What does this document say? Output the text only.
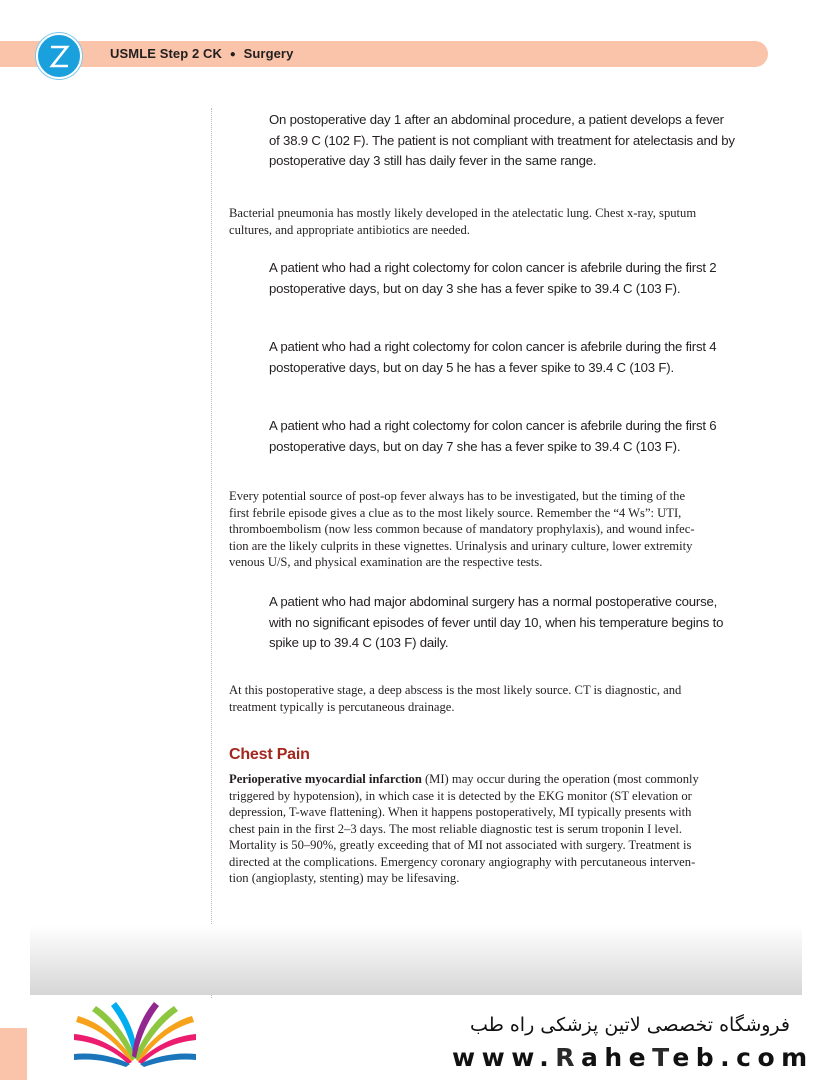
USMLE Step 2 CK ● Surgery
On postoperative day 1 after an abdominal procedure, a patient develops a fever
of 38.9 C (102 F). The patient is not compliant with treatment for atelectasis and by
postoperative day 3 still has daily fever in the same range.
Bacterial pneumonia has mostly likely developed in the atelectatic lung. Chest x-ray, sputum
cultures, and appropriate antibiotics are needed.
A patient who had a right colectomy for colon cancer is afebrile during the first 2
postoperative days, but on day 3 she has a fever spike to 39.4 C (103 F).
A patient who had a right colectomy for colon cancer is afebrile during the first 4
postoperative days, but on day 5 he has a fever spike to 39.4 C (103 F).
A patient who had a right colectomy for colon cancer is afebrile during the first 6
postoperative days, but on day 7 she has a fever spike to 39.4 C (103 F).
Every potential source of post-op fever always has to be investigated, but the timing of the
first febrile episode gives a clue as to the most likely source. Remember the “4 Ws”: UTI,
thromboembolism (now less common because of mandatory prophylaxis), and wound infec-
tion are the likely culprits in these vignettes. Urinalysis and urinary culture, lower extremity
venous U/S, and physical examination are the respective tests.
A patient who had major abdominal surgery has a normal postoperative course,
with no significant episodes of fever until day 10, when his temperature begins to
spike up to 39.4 C (103 F) daily.
At this postoperative stage, a deep abscess is the most likely source. CT is diagnostic, and
treatment typically is percutaneous drainage.
Chest Pain
Perioperative myocardial infarction (MI) may occur during the operation (most commonly
triggered by hypotension), in which case it is detected by the EKG monitor (ST elevation or
depression, T-wave flattening). When it happens postoperatively, MI typically presents with
chest pain in the first 2–3 days. The most reliable diagnostic test is serum troponin I level.
Mortality is 50–90%, greatly exceeding that of MI not associated with surgery. Treatment is
directed at the complications. Emergency coronary angiography with percutaneous interven-
tion (angioplasty, stenting) may be lifesaving.
فروشگاه تخصصی لاتین پزشکی راه طب
www.RaheTeb.com
